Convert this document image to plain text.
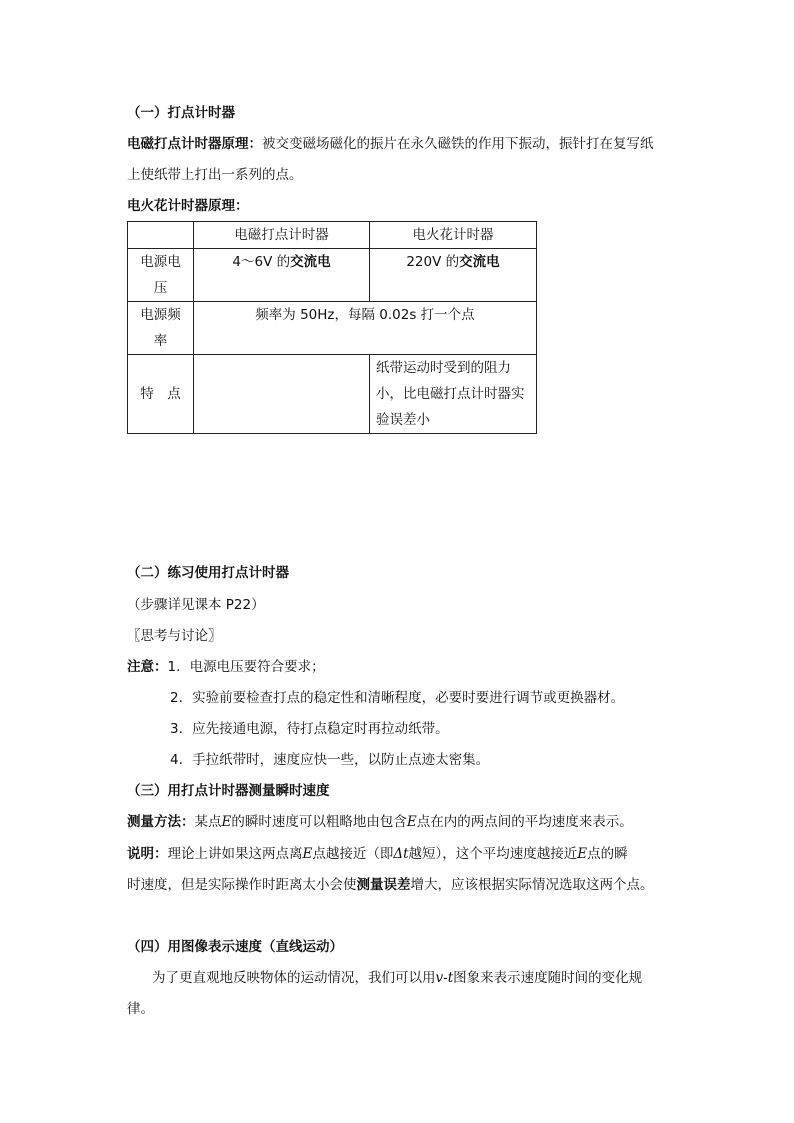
（一）打点计时器
电磁打点计时器原理：被交变磁场磁化的振片在永久磁铁的作用下振动，振针打在复写纸
上使纸带上打出一系列的点。
电火花计时器原理：
	电磁打点计时器	电火花计时器
电源电压	4～6V 的交流电	220V 的交流电
电源频率	频率为 50Hz，每隔 0.02s 打一个点	
特　点		纸带运动时受到的阻力小，比电磁打点计时器实验误差小
（二）练习使用打点计时器
（步骤详见课本 P22）
〖思考与讨论〗
注意：1．电源电压要符合要求；
2．实验前要检查打点的稳定性和清晰程度，必要时要进行调节或更换器材。
3．应先接通电源，待打点稳定时再拉动纸带。
4．手拉纸带时，速度应快一些，以防止点迹太密集。
（三）用打点计时器测量瞬时速度
测量方法：某点E的瞬时速度可以粗略地由包含E点在内的两点间的平均速度来表示。
说明：理论上讲如果这两点离E点越接近（即Δt越短），这个平均速度越接近E点的瞬
时速度，但是实际操作时距离太小会使测量误差增大，应该根据实际情况选取这两个点。
（四）用图像表示速度（直线运动）
为了更直观地反映物体的运动情况，我们可以用v-t图象来表示速度随时间的变化规
律。
